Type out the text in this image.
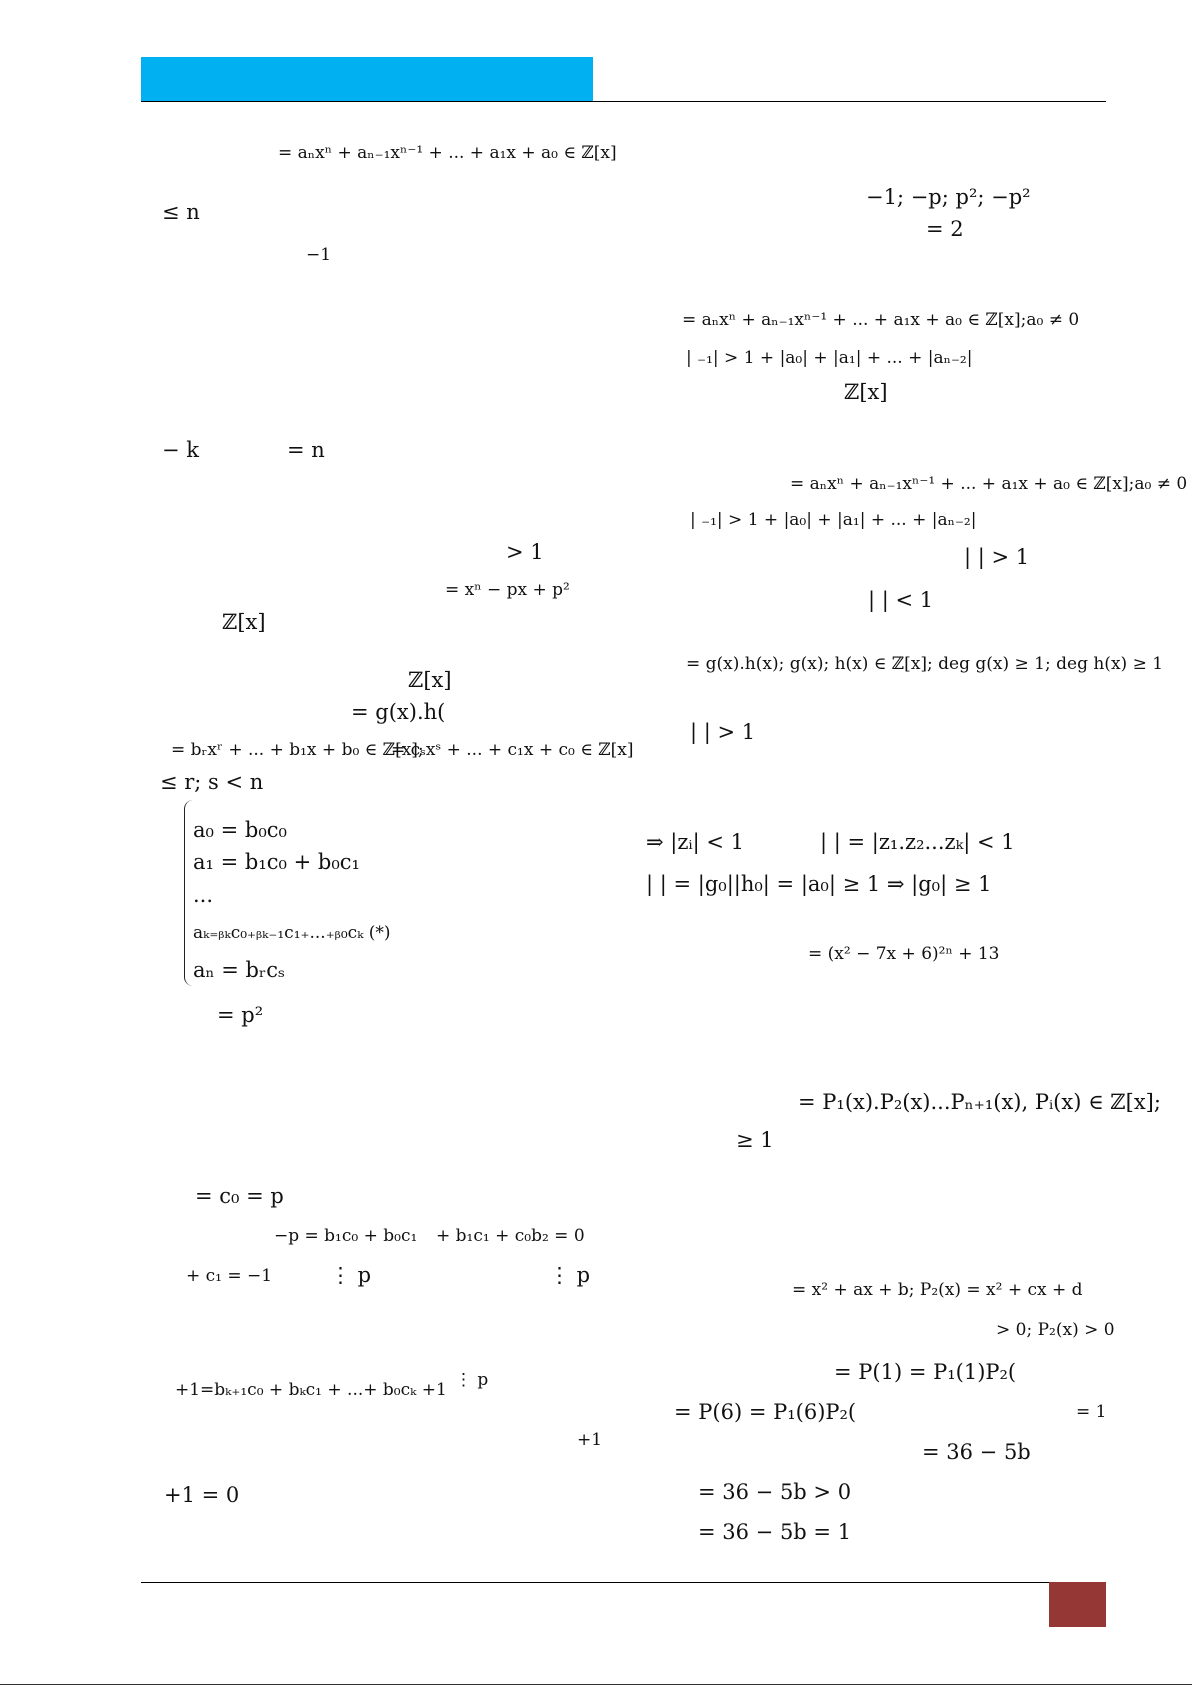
= aₙxⁿ + aₙ₋₁xⁿ⁻¹ + ... + a₁x + a₀ ∈ ℤ[x]
≤ n
−1
− k	= n
> 1
= xⁿ − px + p²
ℤ[x]
ℤ[x]
= g(x).h(
= bᵣxʳ + ... + b₁x + b₀ ∈ ℤ[x];
= cₛxˢ + ... + c₁x + c₀ ∈ ℤ[x]
≤ r; s < n
a₀ = b₀c₀
a₁ = b₁c₀ + b₀c₁
...
aₖ₌ᵦₖc₀₊ᵦₖ₋₁c₁₊...₊ᵦ₀cₖ (*)
aₙ = bᵣcₛ
= p²
= c₀ = p
−p = b₁c₀ + b₀c₁ + b₁c₁ + c₀b₂ = 0
+ c₁ = −1	⋮ p	⋮ p
+1=bₖ₊₁c₀ + bₖc₁ + ...+ b₀cₖ +1 ⋮ p
+1
+1 = 0
−1; −p; p²; −p²
= 2
= aₙxⁿ + aₙ₋₁xⁿ⁻¹ + ... + a₁x + a₀ ∈ ℤ[x];a₀ ≠ 0
| ₋₁| > 1 + |a₀| + |a₁| + ... + |aₙ₋₂|
ℤ[x]
= aₙxⁿ + aₙ₋₁xⁿ⁻¹ + ... + a₁x + a₀ ∈ ℤ[x];a₀ ≠ 0
| ₋₁| > 1 + |a₀| + |a₁| + ... + |aₙ₋₂|
| | > 1
| | < 1
= g(x).h(x); g(x); h(x) ∈ ℤ[x]; deg g(x) ≥ 1; deg h(x) ≥ 1
| | > 1
⇒ |zᵢ| < 1	| | = |z₁.z₂...zₖ| < 1
| | = |g₀||h₀| = |a₀| ≥ 1 ⇒ |g₀| ≥ 1
= (x² − 7x + 6)²ⁿ + 13
= P₁(x).P₂(x)...Pₙ₊₁(x), Pᵢ(x) ∈ ℤ[x];
≥ 1
= x² + ax + b; P₂(x) = x² + cx + d
> 0; P₂(x) > 0
= P(1) = P₁(1)P₂(
= P(6) = P₁(6)P₂(	= 1
= 36 − 5b
= 36 − 5b > 0
= 36 − 5b = 1
